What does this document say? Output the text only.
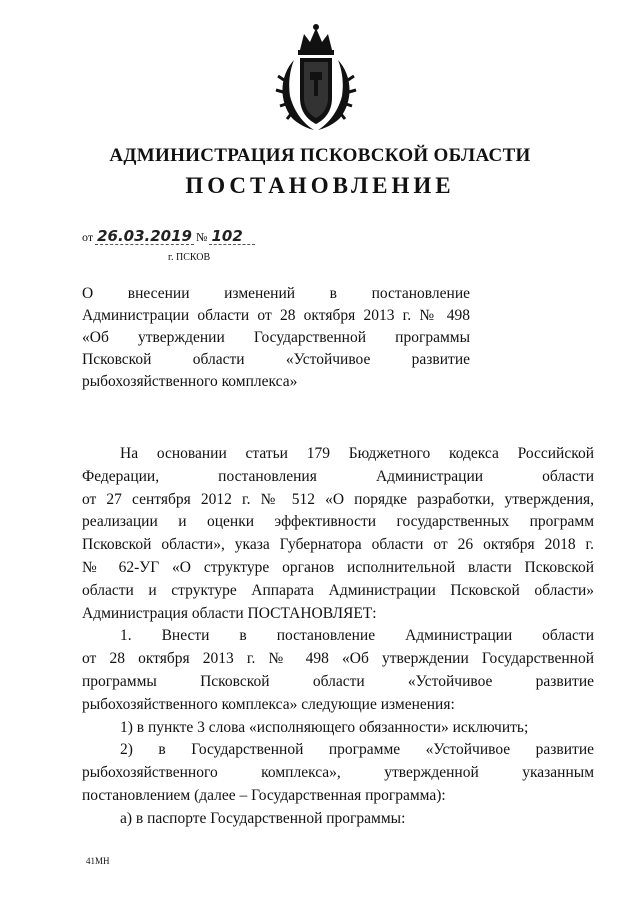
АДМИНИСТРАЦИЯ ПСКОВСКОЙ ОБЛАСТИ
ПОСТАНОВЛЕНИЕ
от 26.03.2019 № 102
г. ПСКОВ
О внесении изменений в постановление
Администрации области от 28 октября 2013 г. № 498
«Об утверждении Государственной программы
Псковской области «Устойчивое развитие
рыбохозяйственного комплекса»
На основании статьи 179 Бюджетного кодекса Российской
Федерации, постановления Администрации области
от 27 сентября 2012 г. № 512 «О порядке разработки, утверждения,
реализации и оценки эффективности государственных программ
Псковской области», указа Губернатора области от 26 октября 2018 г.
№ 62-УГ «О структуре органов исполнительной власти Псковской
области и структуре Аппарата Администрации Псковской области»
Администрация области ПОСТАНОВЛЯЕТ:
1. Внести в постановление Администрации области
от 28 октября 2013 г. № 498 «Об утверждении Государственной
программы Псковской области «Устойчивое развитие
рыбохозяйственного комплекса» следующие изменения:
1) в пункте 3 слова «исполняющего обязанности» исключить;
2) в Государственной программе «Устойчивое развитие
рыбохозяйственного комплекса», утвержденной указанным
постановлением (далее – Государственная программа):
а) в паспорте Государственной программы:
41МН
